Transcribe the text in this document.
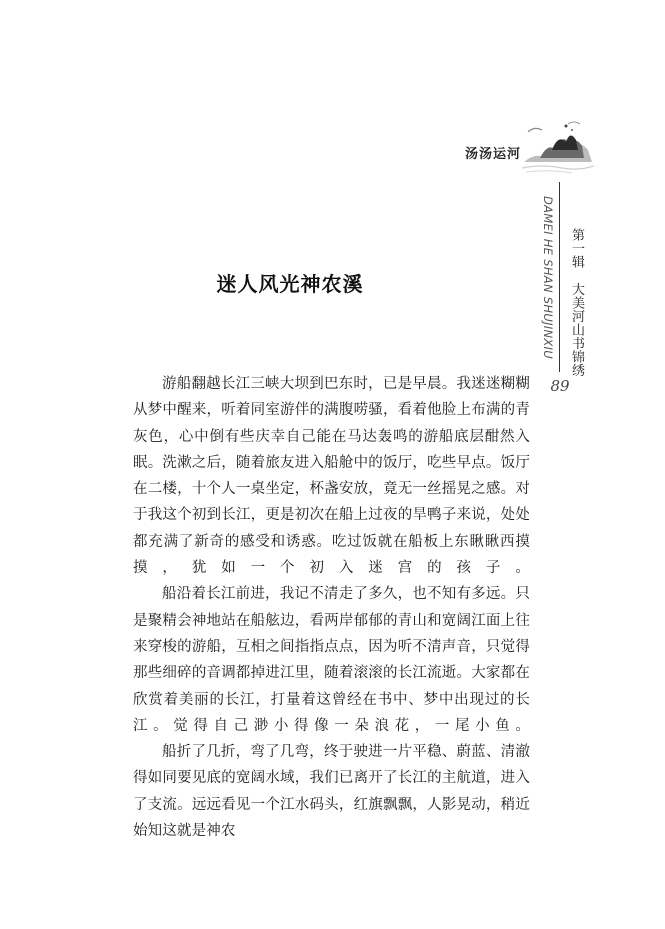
汤汤运河
DAMEI HE SHAN SHUJINXIU	第一辑大美河山书锦绣
89
迷人风光神农溪

游船翻越长江三峡大坝到巴东时，已是早晨。我迷迷糊糊从梦中醒来，听着同室游伴的满腹唠骚，看着他脸上布满的青灰色，心中倒有些庆幸自己能在马达轰鸣的游船底层酣然入眠。洗漱之后，随着旅友进入船舱中的饭厅，吃些早点。饭厅在二楼，十个人一桌坐定，杯盏安放，竟无一丝摇晃之感。对于我这个初到长江，更是初次在船上过夜的旱鸭子来说，处处都充满了新奇的感受和诱惑。吃过饭就在船板上东瞅瞅西摸摸，犹如一个初入迷宫的孩子。

船沿着长江前进，我记不清走了多久，也不知有多远。只是聚精会神地站在船舷边，看两岸郁郁的青山和宽阔江面上往来穿梭的游船，互相之间指指点点，因为听不清声音，只觉得那些细碎的音调都掉进江里，随着滚滚的长江流逝。大家都在欣赏着美丽的长江，打量着这曾经在书中、梦中出现过的长江。觉得自己渺小得像一朵浪花，一尾小鱼。

船折了几折，弯了几弯，终于驶进一片平稳、蔚蓝、清澈得如同要见底的宽阔水域，我们已离开了长江的主航道，进入了支流。远远看见一个江水码头，红旗飘飘，人影晃动，稍近始知这就是神农
